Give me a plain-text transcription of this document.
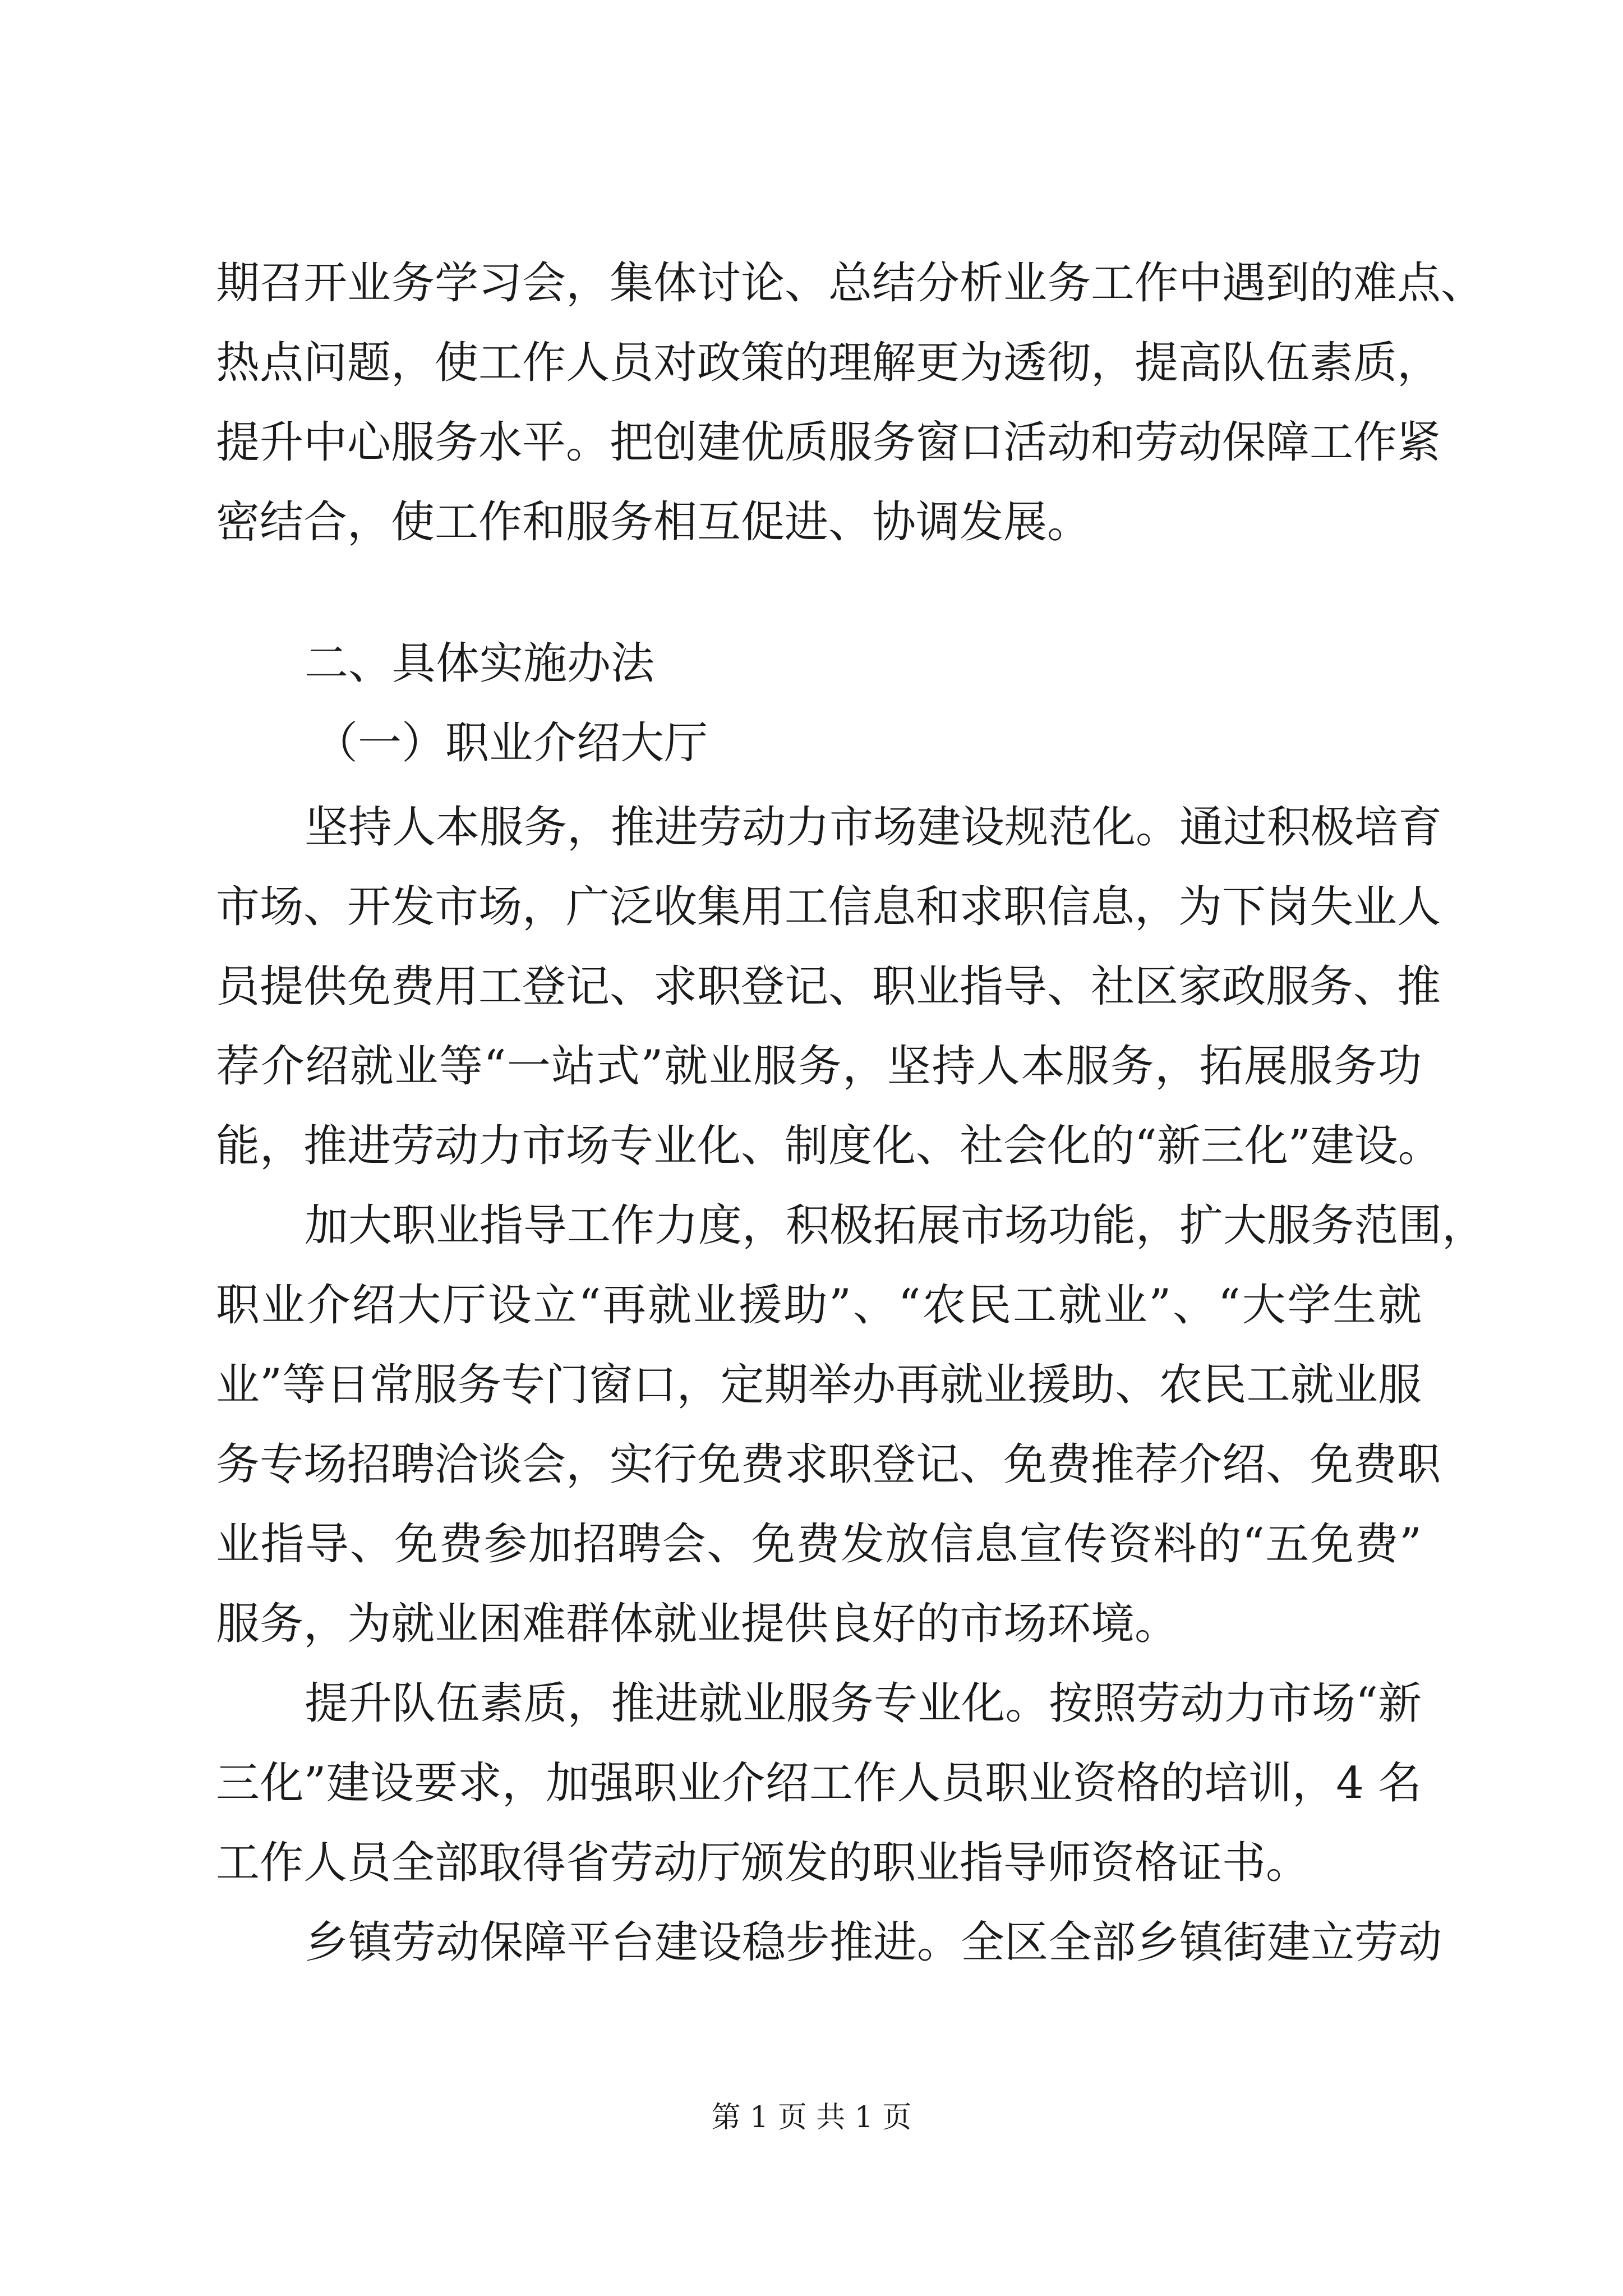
期召开业务学习会，集体讨论、总结分析业务工作中遇到的难点、
热点问题，使工作人员对政策的理解更为透彻，提高队伍素质，
提升中心服务水平。把创建优质服务窗口活动和劳动保障工作紧
密结合，使工作和服务相互促进、协调发展。
二、具体实施办法
（一）职业介绍大厅
坚持人本服务，推进劳动力市场建设规范化。通过积极培育
市场、开发市场，广泛收集用工信息和求职信息，为下岗失业人
员提供免费用工登记、求职登记、职业指导、社区家政服务、推
荐介绍就业等“一站式”就业服务，坚持人本服务，拓展服务功
能，推进劳动力市场专业化、制度化、社会化的“新三化”建设。
加大职业指导工作力度，积极拓展市场功能，扩大服务范围，
职业介绍大厅设立“再就业援助”、“农民工就业”、“大学生就
业”等日常服务专门窗口，定期举办再就业援助、农民工就业服
务专场招聘洽谈会，实行免费求职登记、免费推荐介绍、免费职
业指导、免费参加招聘会、免费发放信息宣传资料的“五免费”
服务，为就业困难群体就业提供良好的市场环境。
提升队伍素质，推进就业服务专业化。按照劳动力市场“新
三化”建设要求，加强职业介绍工作人员职业资格的培训，4 名
工作人员全部取得省劳动厅颁发的职业指导师资格证书。
乡镇劳动保障平台建设稳步推进。全区全部乡镇街建立劳动
第 1 页 共 1 页
